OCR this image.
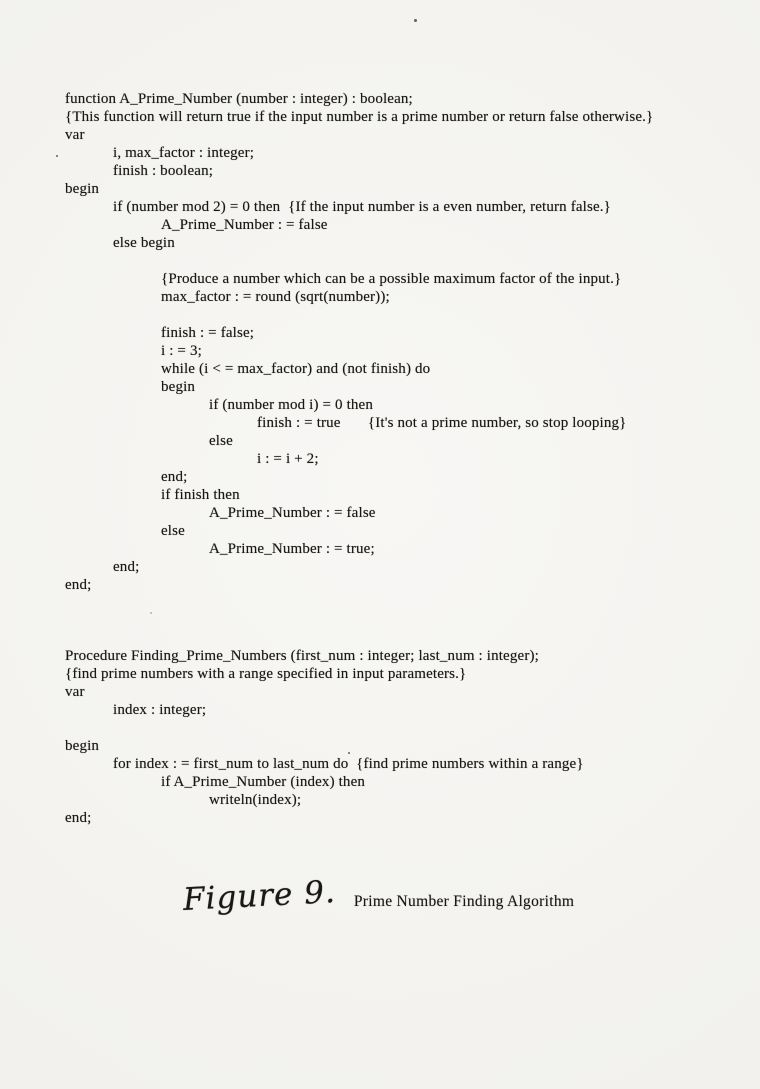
function A_Prime_Number (number : integer) : boolean;
{This function will return true if the input number is a prime number or return false otherwise.}
var
i, max_factor : integer;
finish : boolean;
begin
if (number mod 2) = 0 then  {If the input number is a even number, return false.}
A_Prime_Number : = false
else begin
{Produce a number which can be a possible maximum factor of the input.}
max_factor : = round (sqrt(number));
finish : = false;
i : = 3;
while (i < = max_factor) and (not finish) do
begin
if (number mod i) = 0 then
finish : = true       {It's not a prime number, so stop looping}
else
i : = i + 2;
end;
if finish then
A_Prime_Number : = false
else
A_Prime_Number : = true;
end;
end;
Procedure Finding_Prime_Numbers (first_num : integer; last_num : integer);
{find prime numbers with a range specified in input parameters.}
var
index : integer;
begin
for index : = first_num to last_num do  {find prime numbers within a range}
if A_Prime_Number (index) then
writeln(index);
end;
Figure 9. Prime Number Finding Algorithm
